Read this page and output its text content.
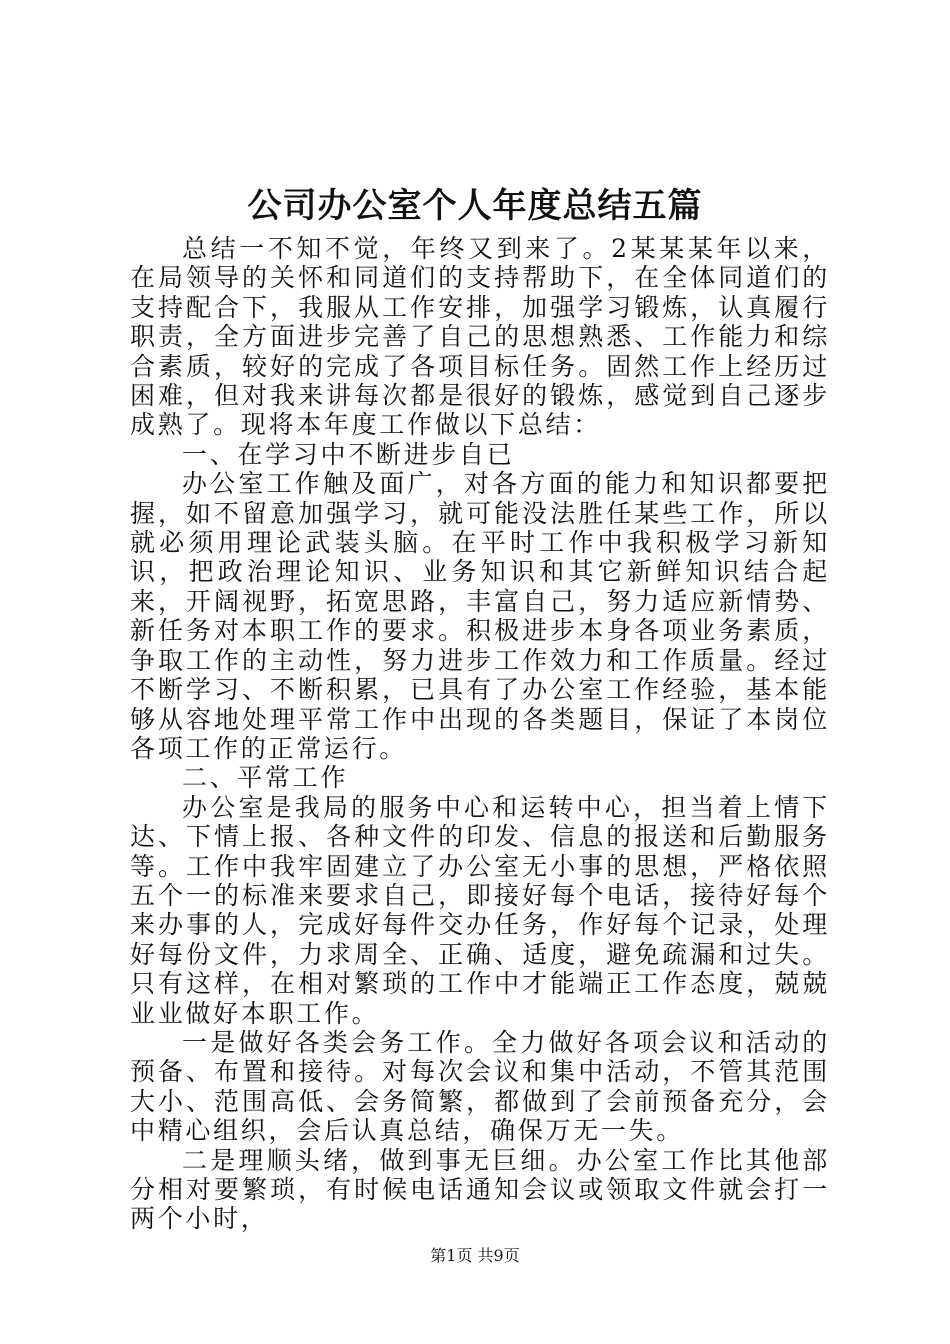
公司办公室个人年度总结五篇

总结一不知不觉，年终又到来了。2某某某年以来，在局领导的关怀和同道们的支持帮助下，在全体同道们的支持配合下，我服从工作安排，加强学习锻炼，认真履行职责，全方面进步完善了自己的思想熟悉、工作能力和综合素质，较好的完成了各项目标任务。固然工作上经历过困难，但对我来讲每次都是很好的锻炼，感觉到自己逐步成熟了。现将本年度工作做以下总结：

一、在学习中不断进步自已

办公室工作触及面广，对各方面的能力和知识都要把握，如不留意加强学习，就可能没法胜任某些工作，所以就必须用理论武装头脑。在平时工作中我积极学习新知识，把政治理论知识、业务知识和其它新鲜知识结合起来，开阔视野，拓宽思路，丰富自己，努力适应新情势、新任务对本职工作的要求。积极进步本身各项业务素质，争取工作的主动性，努力进步工作效力和工作质量。经过不断学习、不断积累，已具有了办公室工作经验，基本能够从容地处理平常工作中出现的各类题目，保证了本岗位各项工作的正常运行。

二、平常工作

办公室是我局的服务中心和运转中心，担当着上情下达、下情上报、各种文件的印发、信息的报送和后勤服务等。工作中我牢固建立了办公室无小事的思想，严格依照五个一的标准来要求自己，即接好每个电话，接待好每个来办事的人，完成好每件交办任务，作好每个记录，处理好每份文件，力求周全、正确、适度，避免疏漏和过失。只有这样，在相对繁琐的工作中才能端正工作态度，兢兢业业做好本职工作。

一是做好各类会务工作。全力做好各项会议和活动的预备、布置和接待。对每次会议和集中活动，不管其范围大小、范围高低、会务简繁，都做到了会前预备充分，会中精心组织，会后认真总结，确保万无一失。

二是理顺头绪，做到事无巨细。办公室工作比其他部分相对要繁琐，有时候电话通知会议或领取文件就会打一两个小时，

第1页 共9页
